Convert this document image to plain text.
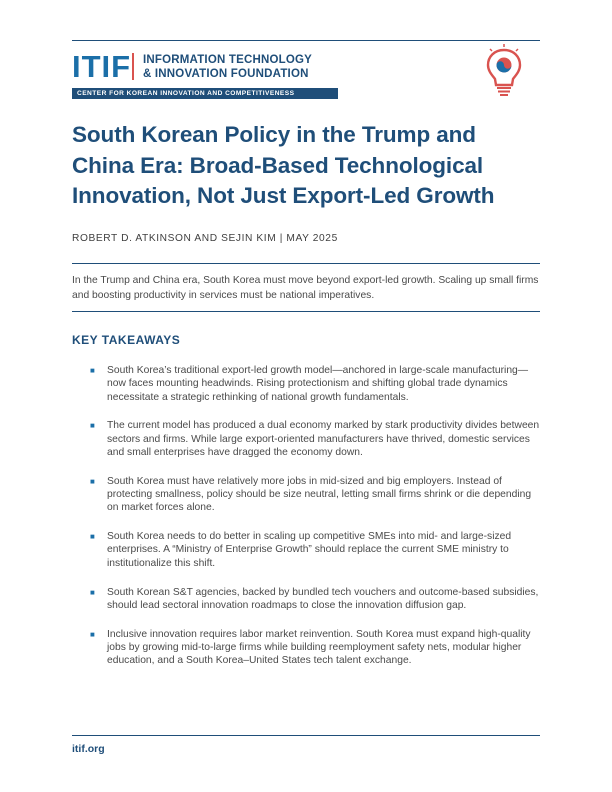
ITIF INFORMATION TECHNOLOGY
& INNOVATION FOUNDATION
CENTER FOR KOREAN INNOVATION AND COMPETITIVENESS
South Korean Policy in the Trump and China Era: Broad-Based Technological Innovation, Not Just Export-Led Growth
ROBERT D. ATKINSON AND SEJIN KIM | MAY 2025
In the Trump and China era, South Korea must move beyond export-led growth. Scaling up small firms and boosting productivity in services must be national imperatives.
KEY TAKEAWAYS
■ South Korea’s traditional export-led growth model—anchored in large-scale manufacturing—now faces mounting headwinds. Rising protectionism and shifting global trade dynamics necessitate a strategic rethinking of national growth fundamentals.
■ The current model has produced a dual economy marked by stark productivity divides between sectors and firms. While large export-oriented manufacturers have thrived, domestic services and small enterprises have dragged the economy down.
■ South Korea must have relatively more jobs in mid-sized and big employers. Instead of protecting smallness, policy should be size neutral, letting small firms shrink or die depending on market forces alone.
■ South Korea needs to do better in scaling up competitive SMEs into mid- and large-sized enterprises. A “Ministry of Enterprise Growth” should replace the current SME ministry to institutionalize this shift.
■ South Korean S&T agencies, backed by bundled tech vouchers and outcome-based subsidies, should lead sectoral innovation roadmaps to close the innovation diffusion gap.
■ Inclusive innovation requires labor market reinvention. South Korea must expand high-quality jobs by growing mid-to-large firms while building reemployment safety nets, modular higher education, and a South Korea–United States tech talent exchange.
itif.org
